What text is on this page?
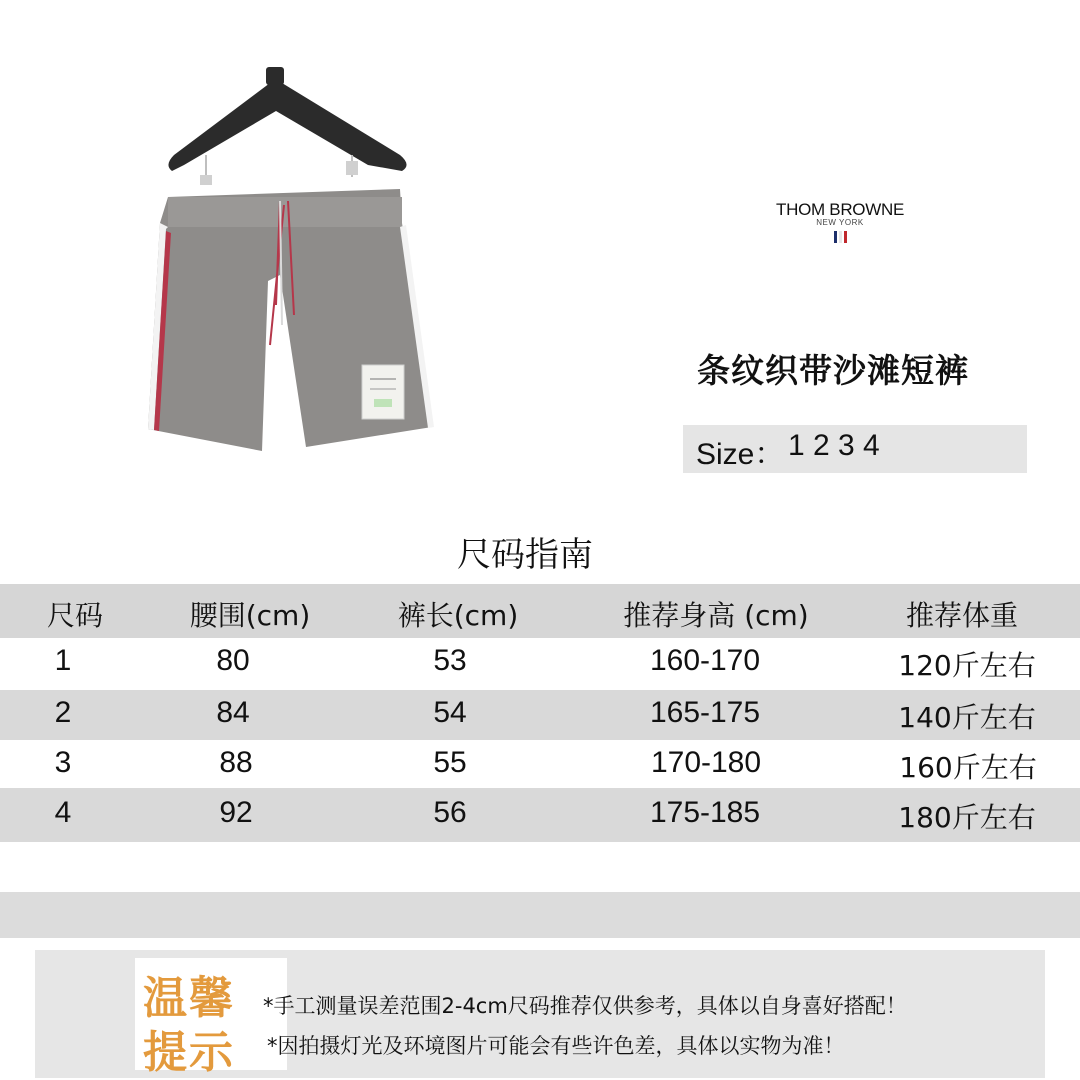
THOM BROWNE
NEW YORK
条纹织带沙滩短裤
Size： 1 2 3 4
尺码指南
尺码	腰围(cm)	裤长(cm)	推荐身高 (cm)	推荐体重
1	80	53	160-170	120斤左右
2	84	54	165-175	140斤左右
3	88	55	170-180	160斤左右
4	92	56	175-185	180斤左右
温馨
提示
*手工测量误差范围2-4cm尺码推荐仅供参考，具体以自身喜好搭配！
*因拍摄灯光及环境图片可能会有些许色差，具体以实物为准！
